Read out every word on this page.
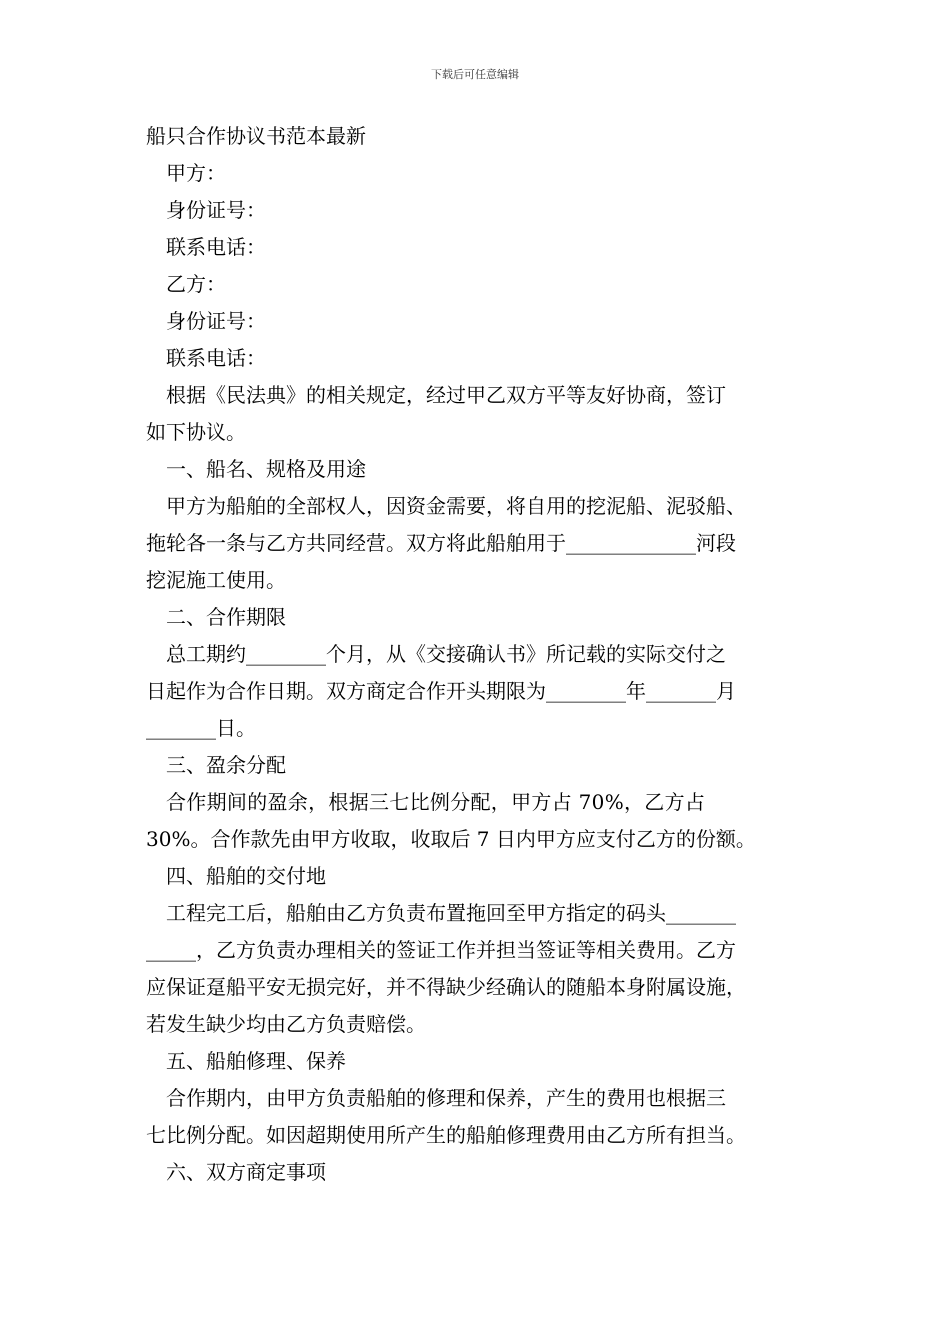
下载后可任意编辑
船只合作协议书范本最新
甲方：
身份证号：
联系电话：
乙方：
身份证号：
联系电话：
根据《民法典》的相关规定，经过甲乙双方平等友好协商，签订
如下协议。
一、船名、规格及用途
甲方为船舶的全部权人，因资金需要，将自用的挖泥船、泥驳船、
拖轮各一条与乙方共同经营。双方将此船舶用于_____________河段
挖泥施工使用。
二、合作期限
总工期约________个月，从《交接确认书》所记载的实际交付之
日起作为合作日期。双方商定合作开头期限为________年_______月
_______日。
三、盈余分配
合作期间的盈余，根据三七比例分配，甲方占 70%，乙方占
30%。合作款先由甲方收取，收取后 7 日内甲方应支付乙方的份额。
四、船舶的交付地
工程完工后，船舶由乙方负责布置拖回至甲方指定的码头_______
_____，乙方负责办理相关的签证工作并担当签证等相关费用。乙方
应保证趸船平安无损完好，并不得缺少经确认的随船本身附属设施，
若发生缺少均由乙方负责赔偿。
五、船舶修理、保养
合作期内，由甲方负责船舶的修理和保养，产生的费用也根据三
七比例分配。如因超期使用所产生的船舶修理费用由乙方所有担当。
六、双方商定事项
